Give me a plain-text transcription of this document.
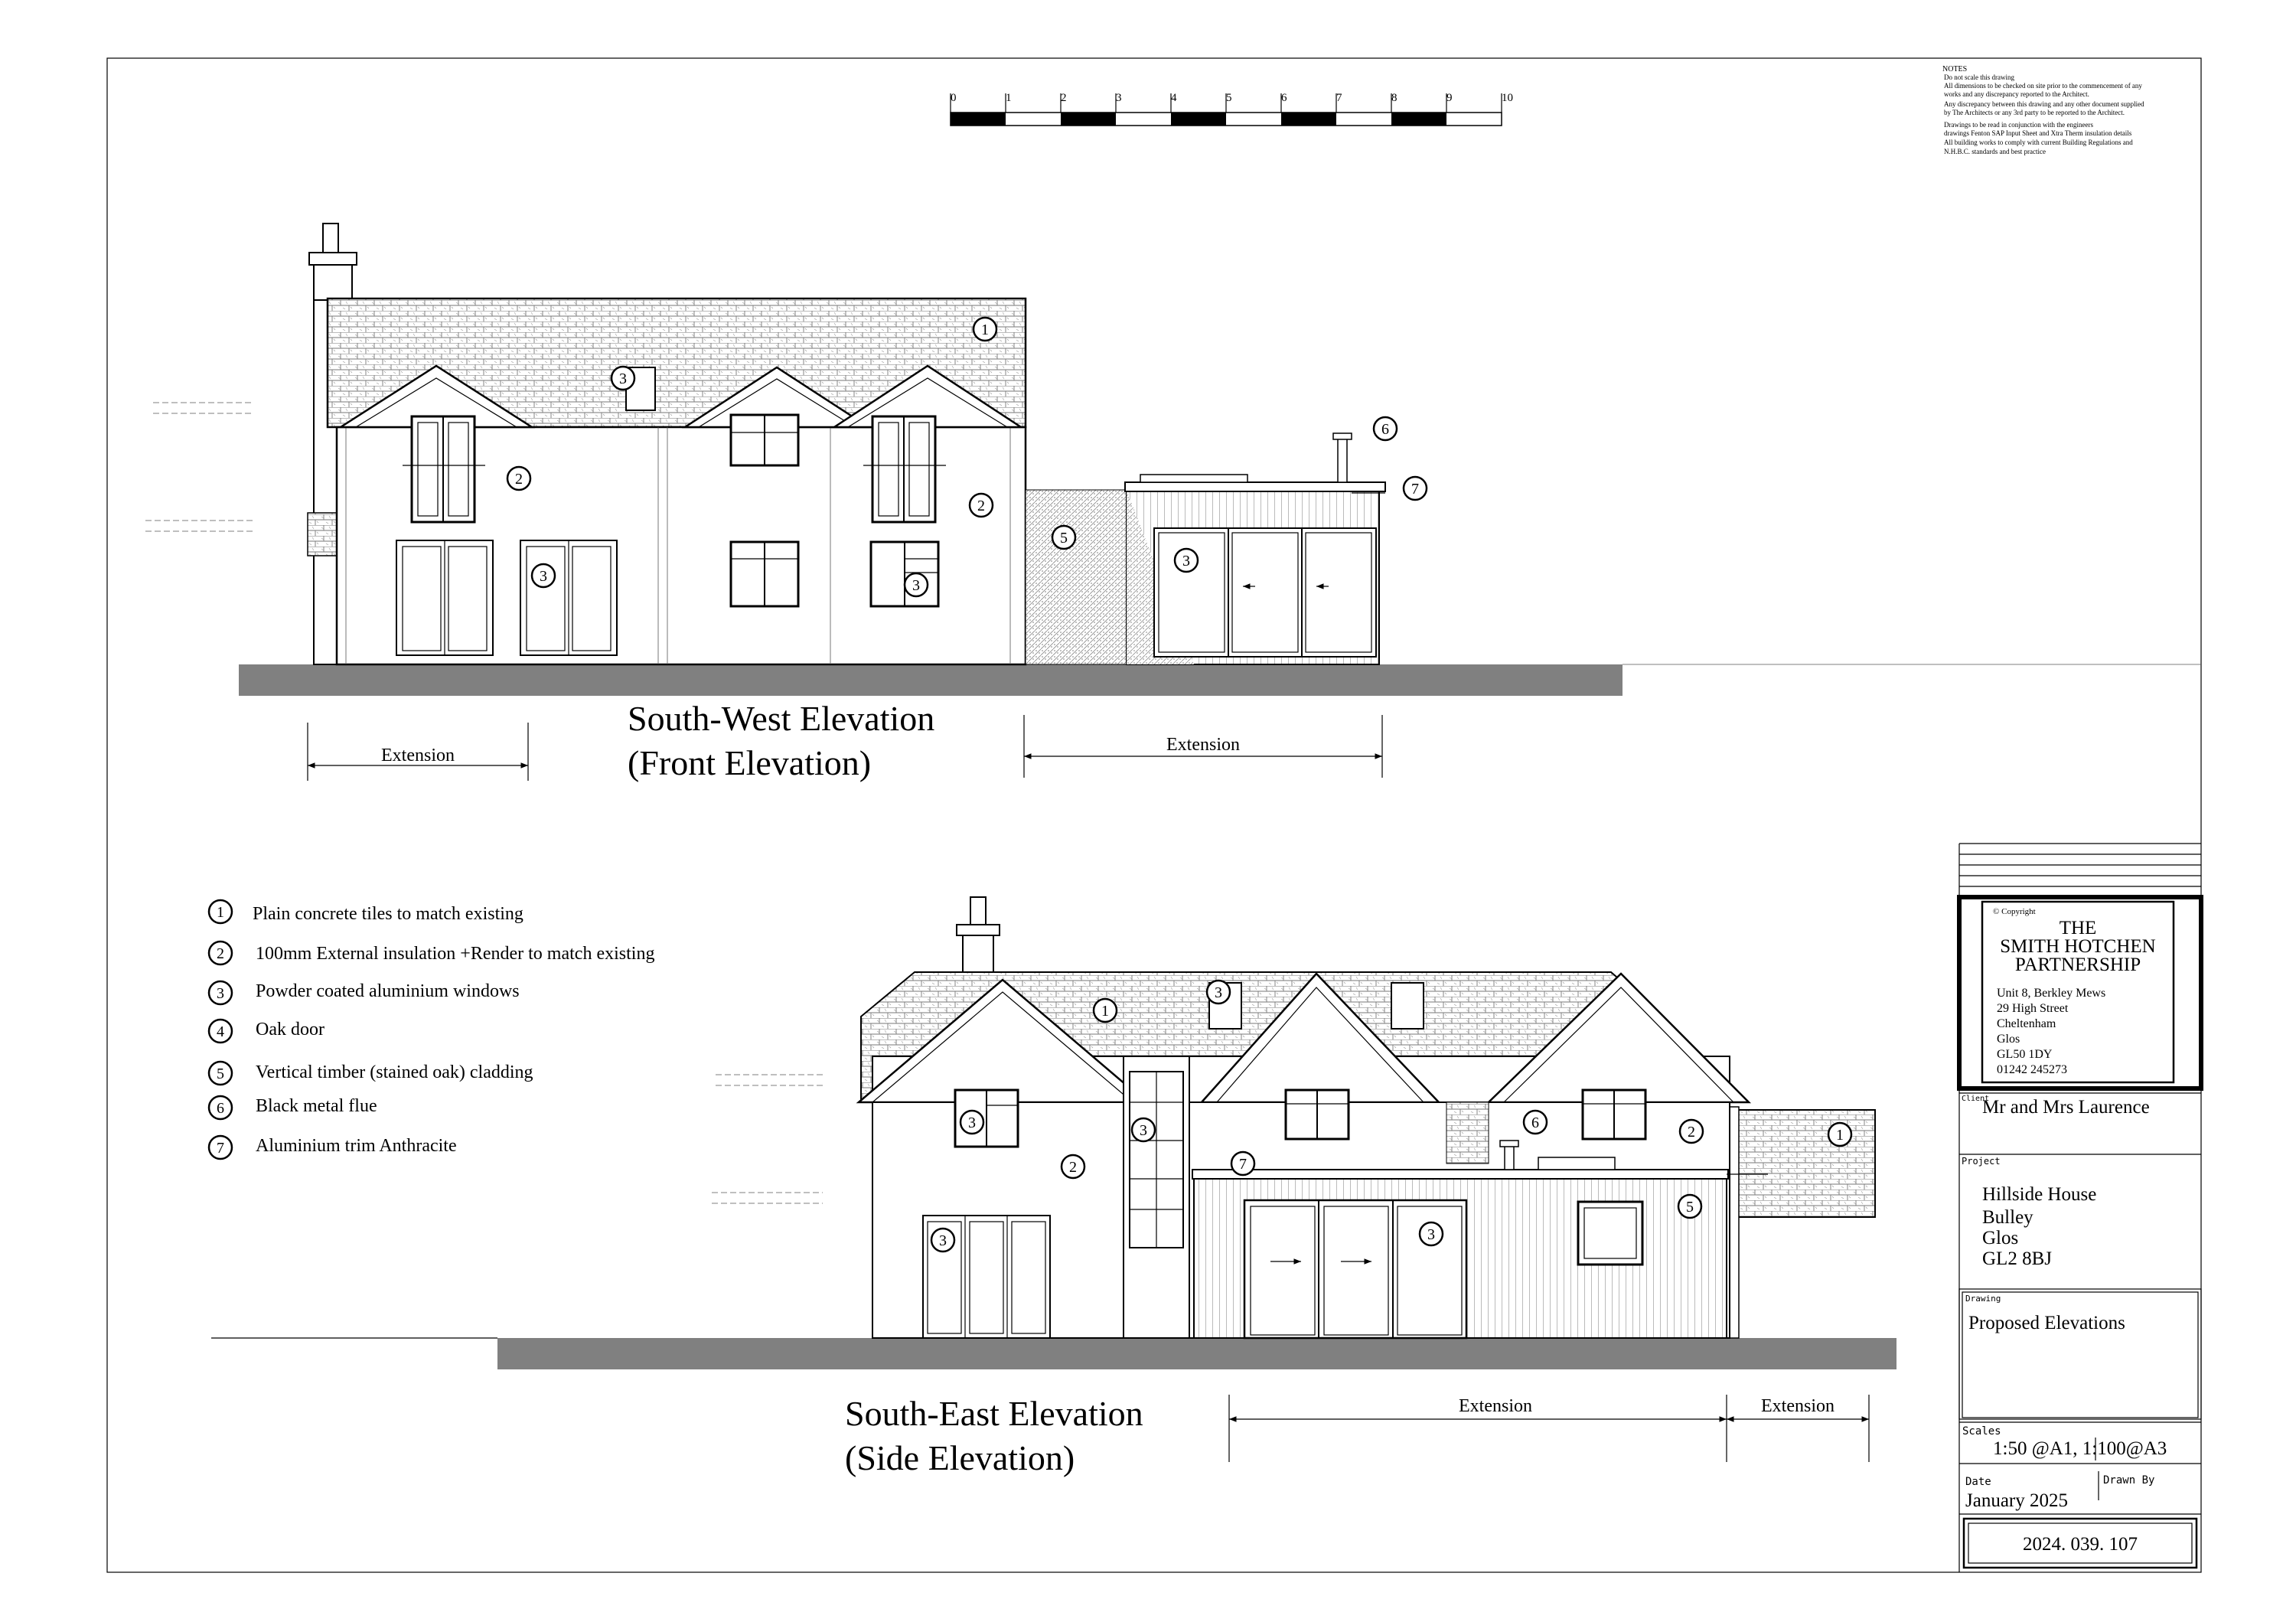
NOTES
Do not scale this drawing
All dimensions to be checked on site prior to the commencement of any
works and any discrepancy reported to the Architect.
Any discrepancy between this drawing and any other document supplied
by The Architects or any 3rd party to be reported to the Architect.
Drawings to be read in conjunction with the engineers
drawings Fenton SAP Input Sheet and Xtra Therm insulation details
All building works to comply with current Building Regulations and
N.H.B.C. standards and best practice
0	1	2	3	4	5	6	7	8	9	10
1
3
2
2
3
3
5
3
6
7
Extension
Extension
South-West Elevation
(Front Elevation)
1 Plain concrete tiles to match existing
2 100mm External insulation +Render to match existing
3 Powder coated aluminium windows
4 Oak door
5 Vertical timber (stained oak) cladding
6 Black metal flue
7 Aluminium trim Anthracite
1
3
1
3	3
2
6
2
7
3	3
5
Extension	Extension
South-East Elevation
(Side Elevation)
© Copyright
THE
SMITH HOTCHEN
PARTNERSHIP
Unit 8, Berkley Mews
29 High Street
Cheltenham
Glos
GL50 1DY
01242 245273
Client
Mr and Mrs Laurence
Project
Hillside House
Bulley
Glos
GL2 8BJ
Drawing
Proposed Elevations
Scales
1:50 @A1, 1:100@A3
Date
January 2025
Drawn By
2024. 039. 107
